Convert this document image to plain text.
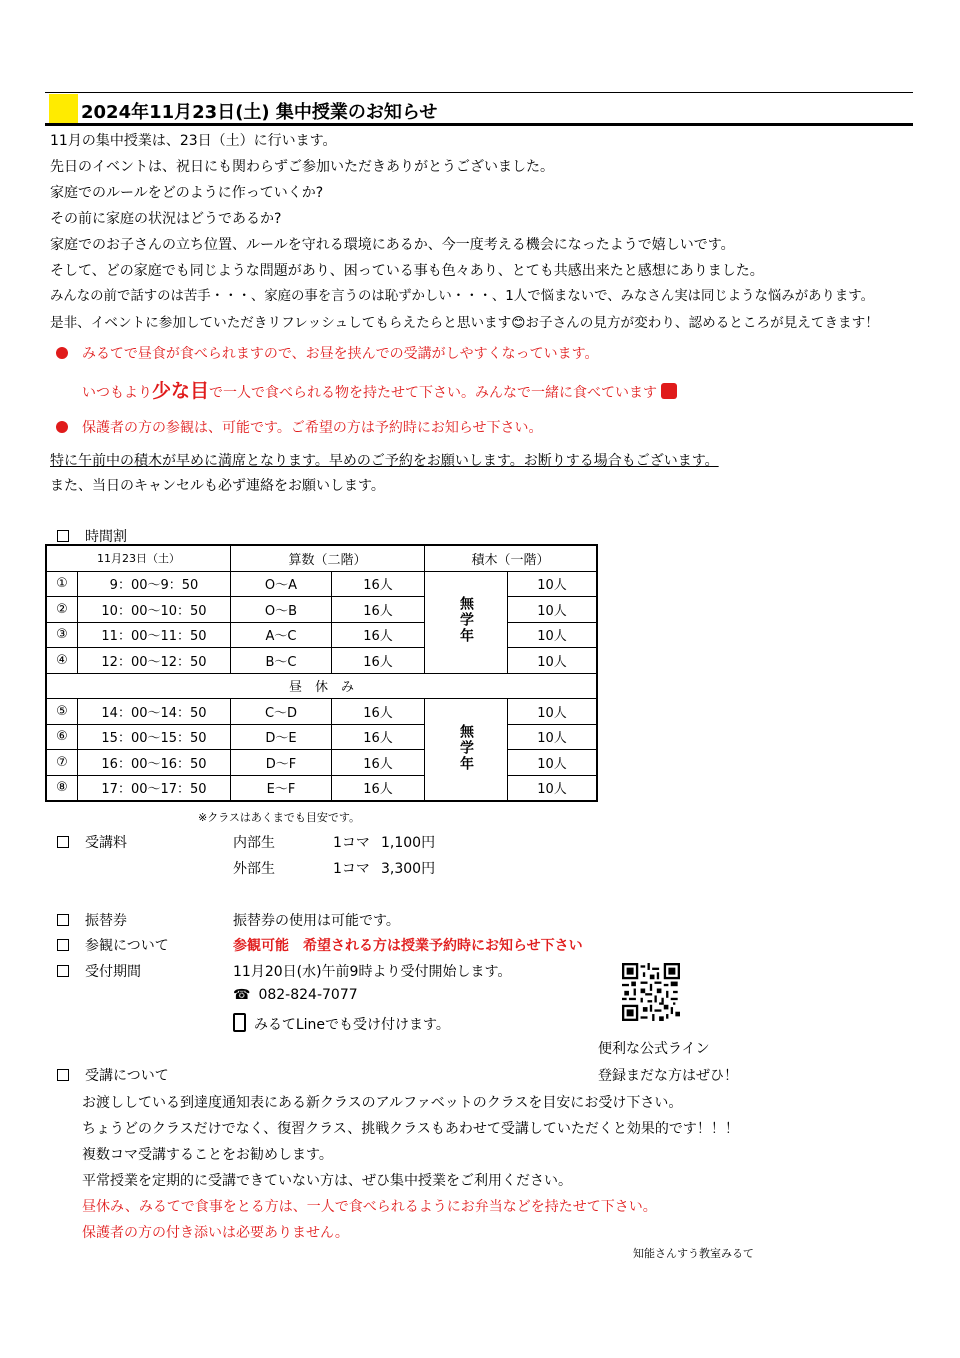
2024年11月23日(土) 集中授業のお知らせ
11月の集中授業は、23日（土）に行います。
先日のイベントは、祝日にも関わらずご参加いただきありがとうございました。
家庭でのルールをどのように作っていくか?
その前に家庭の状況はどうであるか?
家庭でのお子さんの立ち位置、ルールを守れる環境にあるか、今一度考える機会になったようで嬉しいです。
そして、どの家庭でも同じような問題があり、困っている事も色々あり、とても共感出来たと感想にありました。
みんなの前で話すのは苦手・・・、家庭の事を言うのは恥ずかしい・・・、1人で悩まないで、みなさん実は同じような悩みがあります。
是非、イベントに参加していただきリフレッシュしてもらえたらと思います😊お子さんの見方が変わり、認めるところが見えてきます！
みるてで昼食が食べられますので、お昼を挟んでの受講がしやすくなっています。
いつもより少な目で一人で食べられる物を持たせて下さい。みんなで一緒に食べています
保護者の方の参観は、可能です。ご希望の方は予約時にお知らせ下さい。
特に午前中の積木が早めに満席となります。早めのご予約をお願いします。お断りする場合もございます。
また、当日のキャンセルも必ず連絡をお願いします。
時間割
11月23日（土）		算数（二階）		積木（一階）	
①	9：00～9：50	O～A	16人	無学年	10人
②	10：00～10：50	O～B	16人		10人
③	11：00～11：50	A～C	16人		10人
④	12：00～12：50	B～C	16人		10人
昼　休　み					
⑤	14：00～14：50	C～D	16人	無学年	10人
⑥	15：00～15：50	D～E	16人		10人
⑦	16：00～16：50	D～F	16人		10人
⑧	17：00～17：50	E～F	16人		10人
※クラスはあくまでも目安です。
受講料	内部生	1コマ 1,100円
外部生	1コマ 3,300円
振替券	振替券の使用は可能です。
参観について	参観可能　希望される方は授業予約時にお知らせ下さい
受付期間	11月20日(水)午前9時より受付開始します。
☎ 082-824-7077
みるてLineでも受け付けます。
便利な公式ライン
登録まだな方はぜひ！
受講について
お渡ししている到達度通知表にある新クラスのアルファベットのクラスを目安にお受け下さい。
ちょうどのクラスだけでなく、復習クラス、挑戦クラスもあわせて受講していただくと効果的です！！！
複数コマ受講することをお勧めします。
平常授業を定期的に受講できていない方は、ぜひ集中授業をご利用ください。
昼休み、みるてで食事をとる方は、一人で食べられるようにお弁当などを持たせて下さい。
保護者の方の付き添いは必要ありません。
知能さんすう教室みるて
